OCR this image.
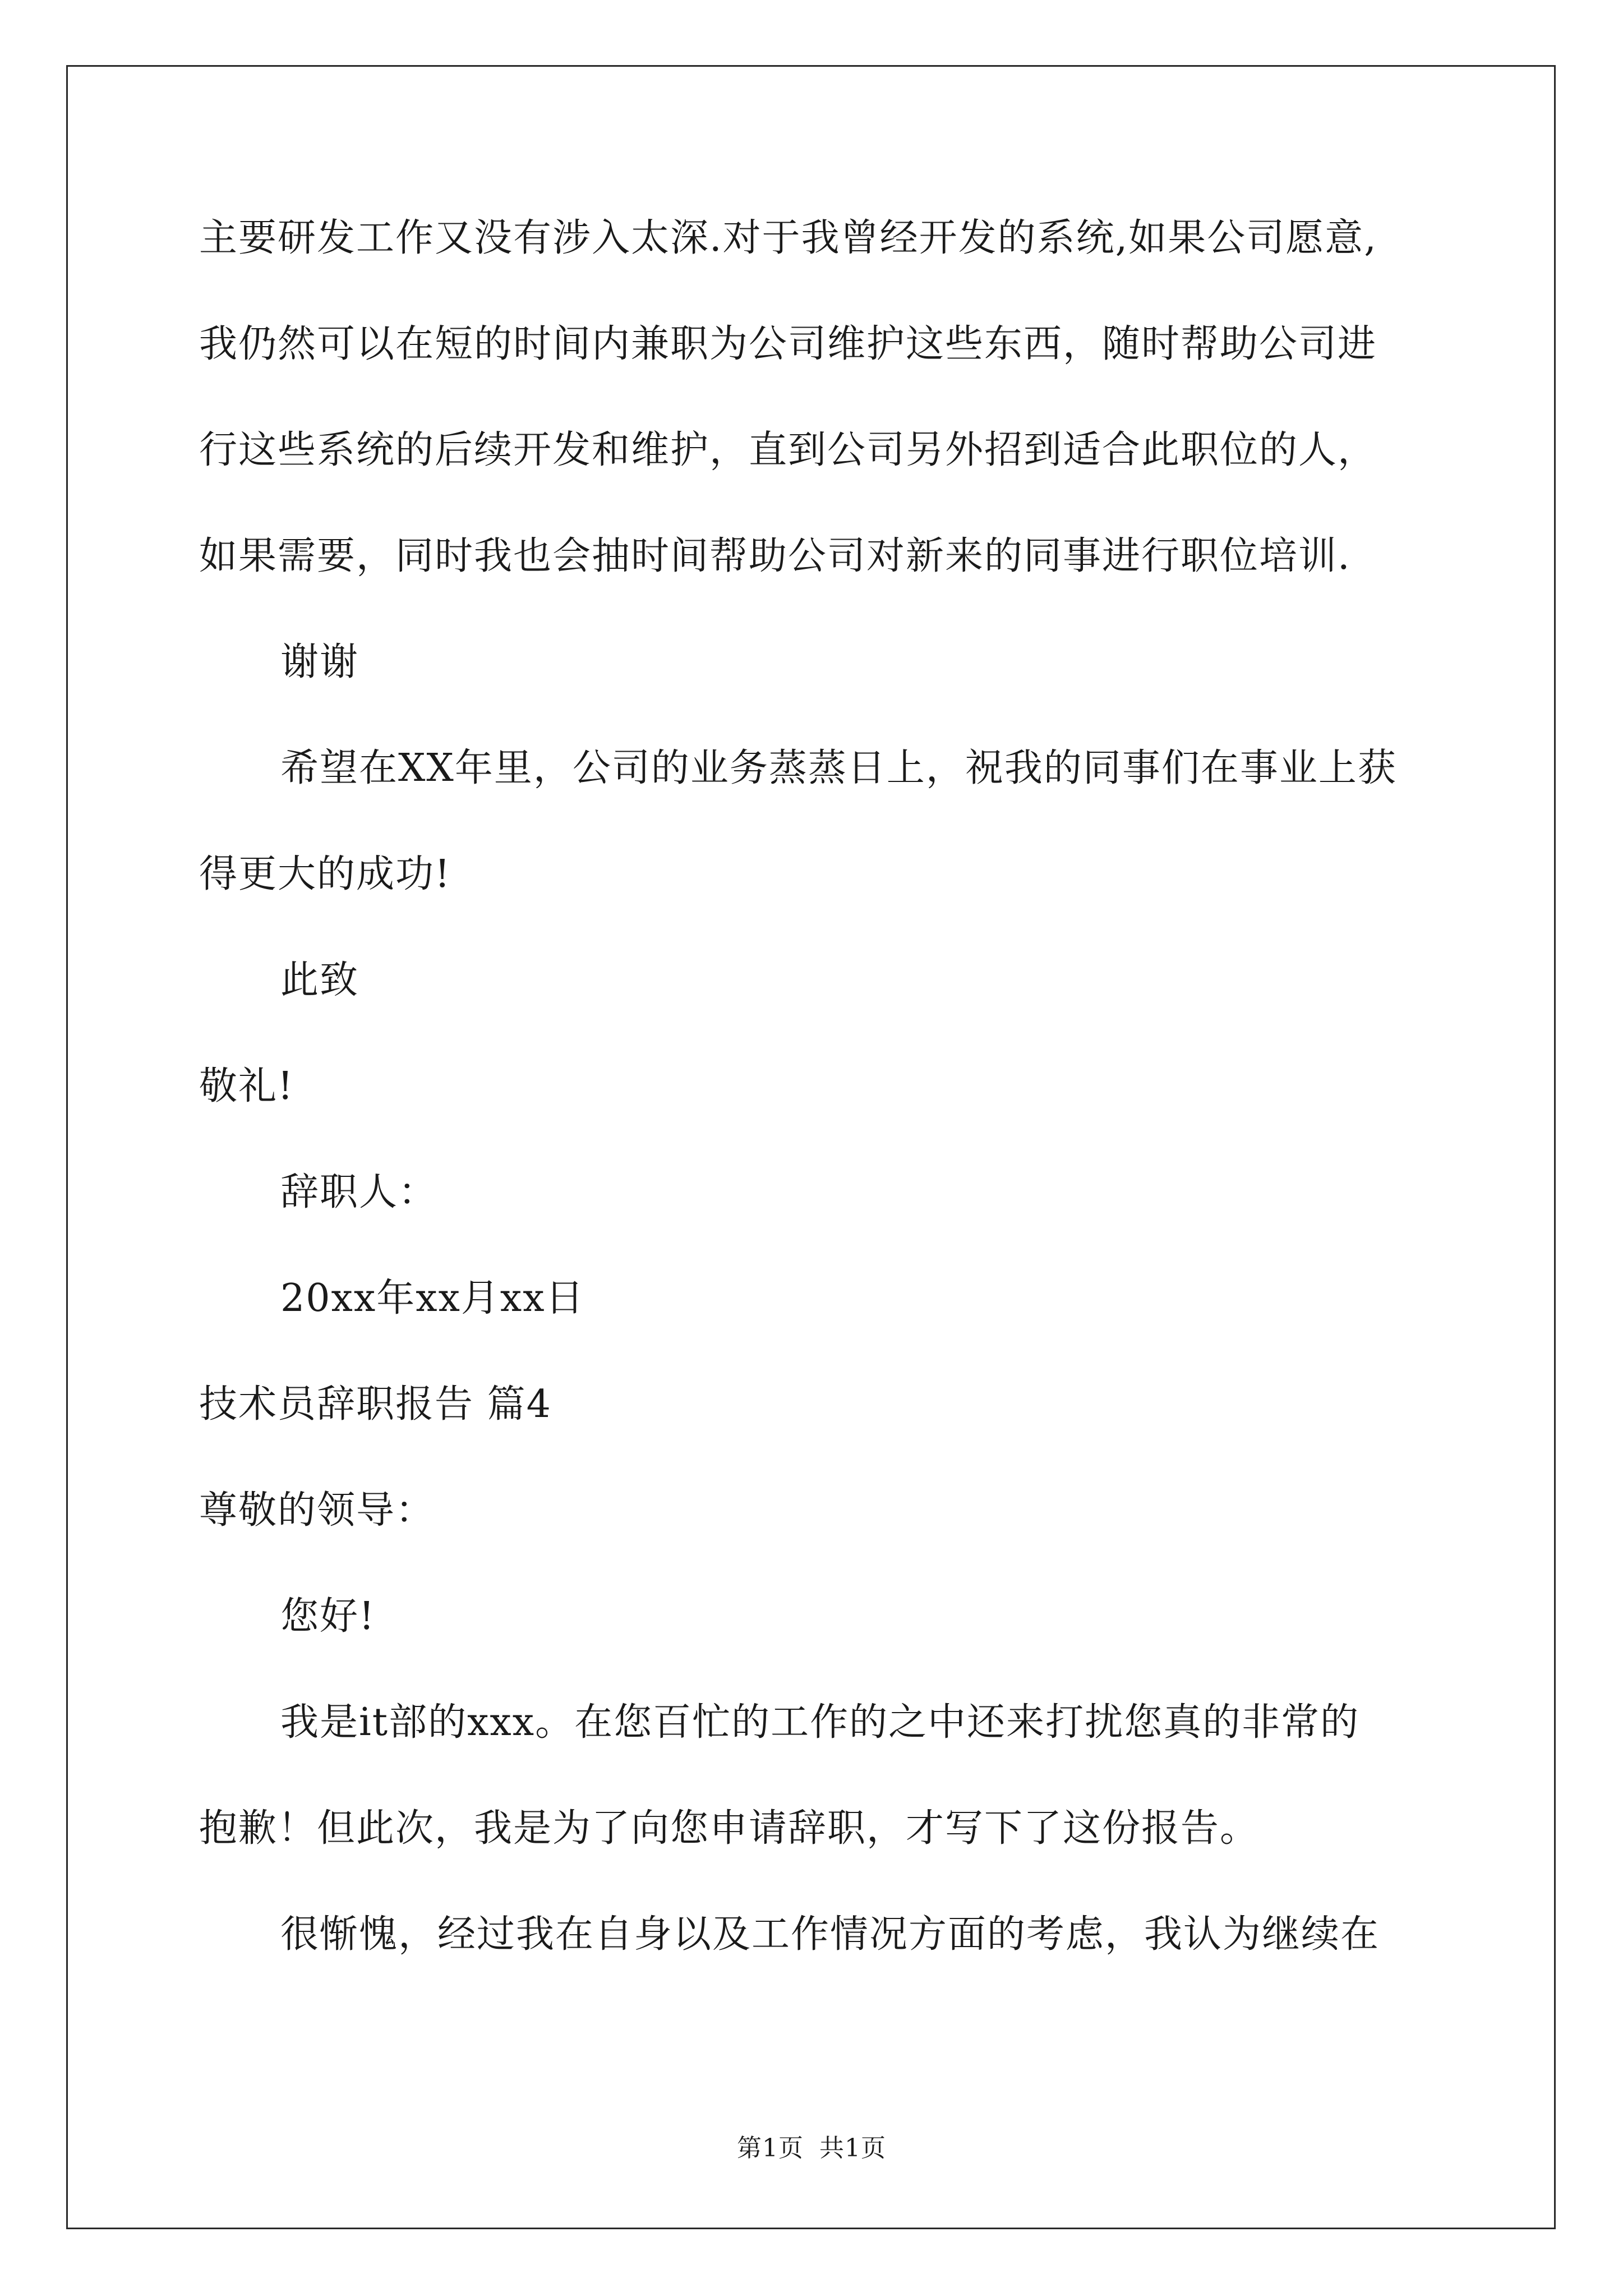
主要研发工作又没有涉入太深.对于我曾经开发的系统,如果公司愿意,
我仍然可以在短的时间内兼职为公司维护这些东西，随时帮助公司进
行这些系统的后续开发和维护，直到公司另外招到适合此职位的人，
如果需要，同时我也会抽时间帮助公司对新来的同事进行职位培训.
谢谢
希望在XX年里，公司的业务蒸蒸日上，祝我的同事们在事业上获
得更大的成功!
此致
敬礼!
辞职人：
20xx年xx月xx日
技术员辞职报告 篇4
尊敬的领导：
您好!
我是it部的xxx。在您百忙的工作的之中还来打扰您真的非常的
抱歉！但此次，我是为了向您申请辞职，才写下了这份报告。
很惭愧，经过我在自身以及工作情况方面的考虑，我认为继续在
第1页 共1页
